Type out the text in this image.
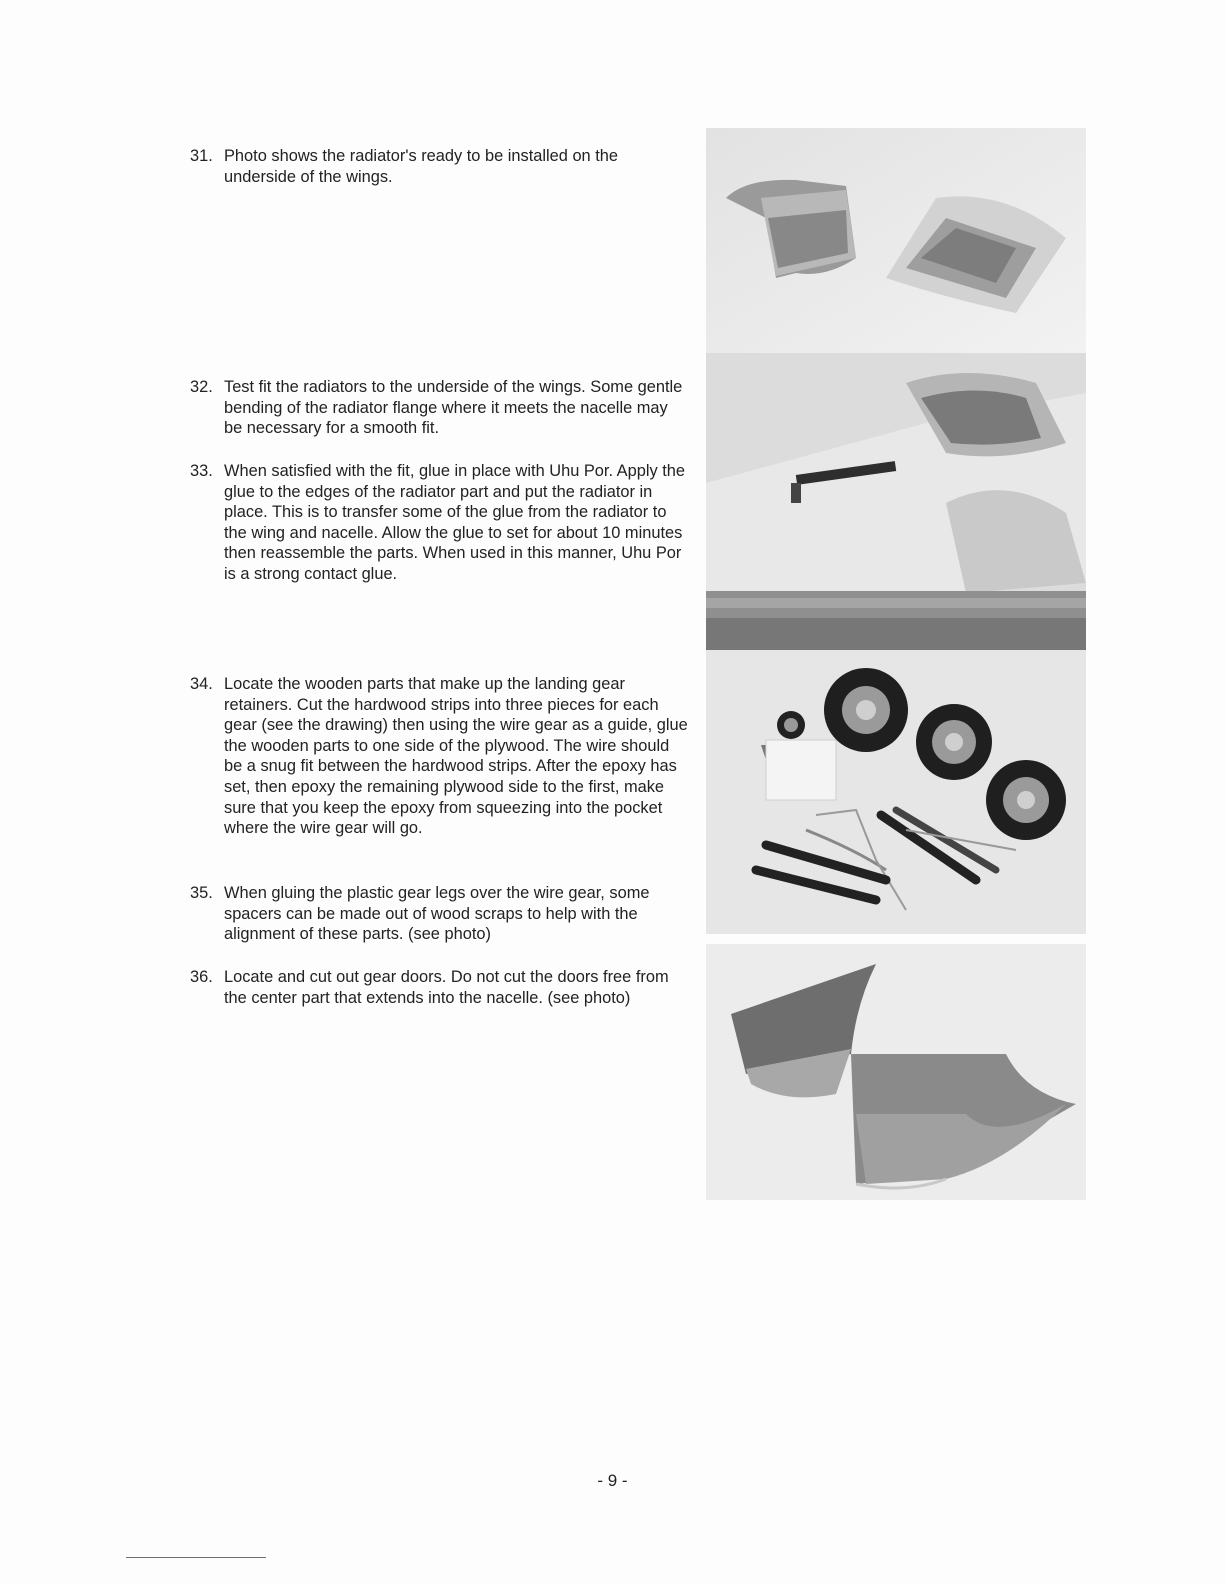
31. Photo shows the radiator's ready to be installed on the underside of the wings.
32. Test fit the radiators to the underside of the wings. Some gentle bending of the radiator flange where it meets the nacelle may be necessary for a smooth fit.
33. When satisfied with the fit, glue in place with Uhu Por. Apply the glue to the edges of the radiator part and put the radiator in place. This is to transfer some of the glue from the radiator to the wing and nacelle. Allow the glue to set for about 10 minutes then reassemble the parts. When used in this manner, Uhu Por is a strong contact glue.
34. Locate the wooden parts that make up the landing gear retainers. Cut the hardwood strips into three pieces for each gear (see the drawing) then using the wire gear as a guide, glue the wooden parts to one side of the plywood. The wire should be a snug fit between the hardwood strips. After the epoxy has set, then epoxy the remaining plywood side to the first, make sure that you keep the epoxy from squeezing into the pocket where the wire gear will go.
35. When gluing the plastic gear legs over the wire gear, some spacers can be made out of wood scraps to help with the alignment of these parts. (see photo)
36. Locate and cut out gear doors. Do not cut the doors free from the center part that extends into the nacelle. (see photo)
- 9 -
